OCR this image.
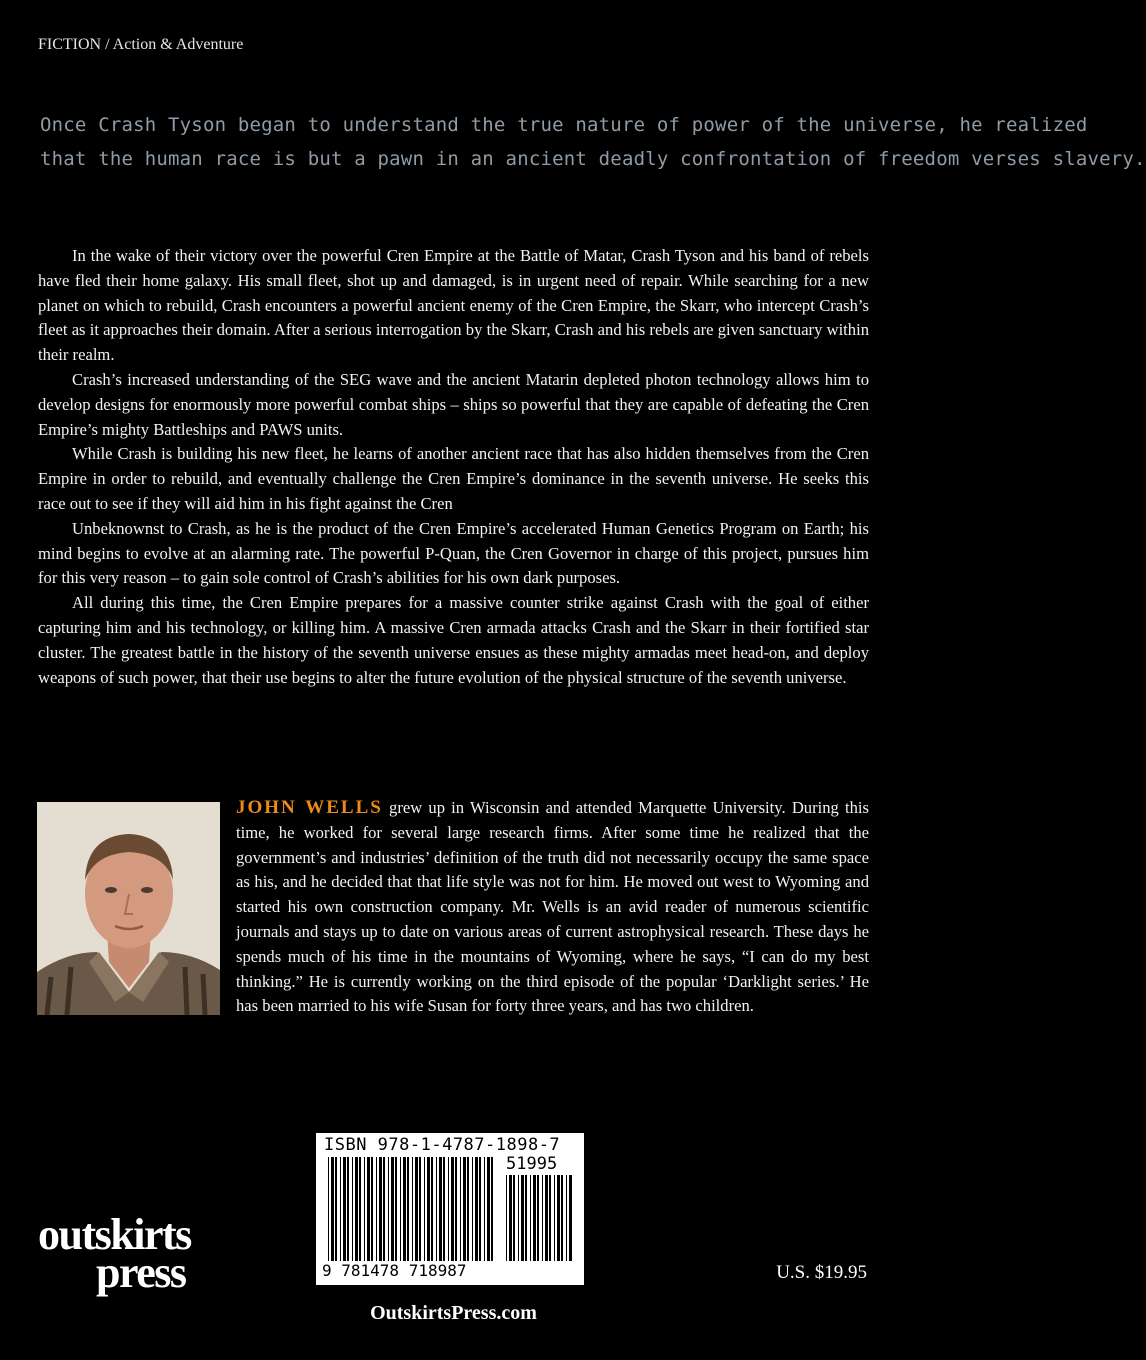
FICTION / Action & Adventure
Once Crash Tyson began to understand the true nature of power of the universe, he realized
that the human race is but a pawn in an ancient deadly confrontation of freedom verses slavery.

In the wake of their victory over the powerful Cren Empire at the Battle of Matar, Crash Tyson and his band of rebels have fled their home galaxy. His small fleet, shot up and damaged, is in urgent need of repair. While searching for a new planet on which to rebuild, Crash encounters a powerful ancient enemy of the Cren Empire, the Skarr, who intercept Crash’s fleet as it approaches their domain. After a serious interrogation by the Skarr, Crash and his rebels are given sanctuary within their realm.

Crash’s increased understanding of the SEG wave and the ancient Matarin depleted photon technology allows him to develop designs for enormously more powerful combat ships – ships so powerful that they are capable of defeating the Cren Empire’s mighty Battleships and PAWS units.

While Crash is building his new fleet, he learns of another ancient race that has also hidden themselves from the Cren Empire in order to rebuild, and eventually challenge the Cren Empire’s dominance in the seventh universe. He seeks this race out to see if they will aid him in his fight against the Cren

Unbeknownst to Crash, as he is the product of the Cren Empire’s accelerated Human Genetics Program on Earth; his mind begins to evolve at an alarming rate. The powerful P-Quan, the Cren Governor in charge of this project, pursues him for this very reason – to gain sole control of Crash’s abilities for his own dark purposes.

All during this time, the Cren Empire prepares for a massive counter strike against Crash with the goal of either capturing him and his technology, or killing him. A massive Cren armada attacks Crash and the Skarr in their fortified star cluster. The greatest battle in the history of the seventh universe ensues as these mighty armadas meet head-on, and deploy weapons of such power, that their use begins to alter the future evolution of the physical structure of the seventh universe.

JOHN WELLS grew up in Wisconsin and attended Marquette University. During this time, he worked for several large research firms. After some time he realized that the government’s and industries’ definition of the truth did not necessarily occupy the same space as his, and he decided that that life style was not for him. He moved out west to Wyoming and started his own construction company. Mr. Wells is an avid reader of numerous scientific journals and stays up to date on various areas of current astrophysical research. These days he spends much of his time in the mountains of Wyoming, where he says, “I can do my best thinking.” He is currently working on the third episode of the popular ‘Darklight series.’ He has been married to his wife Susan for forty three years, and has two children.
ISBN 978-1-4787-1898-7
51995
9 781478 718987
outskirts
press	U.S. $19.95
OutskirtsPress.com
